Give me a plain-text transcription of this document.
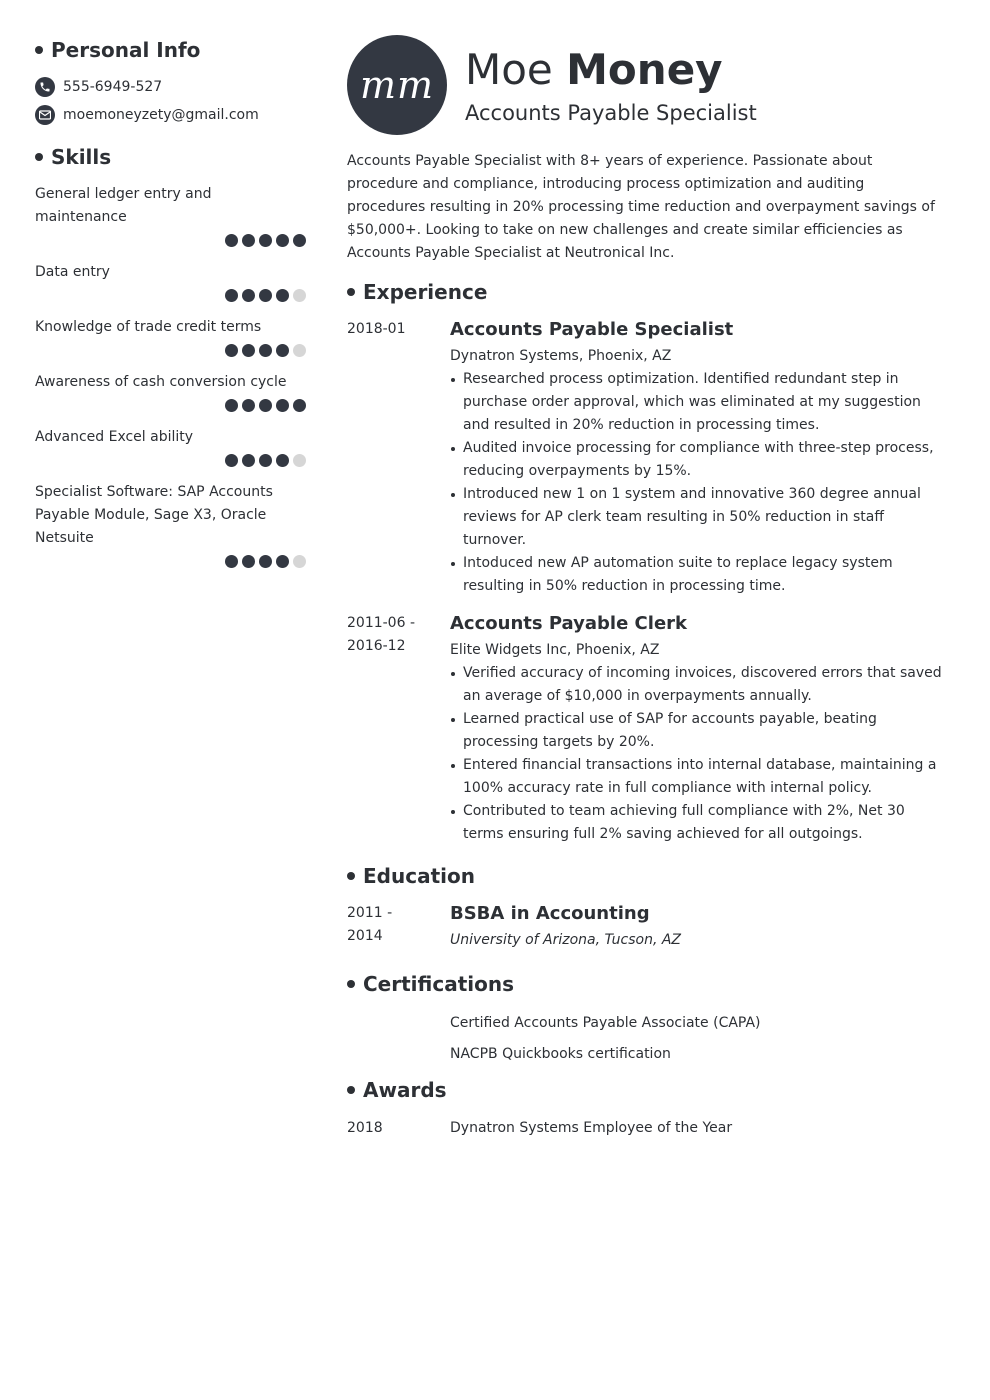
Personal Info
555-6949-527
moemoneyzety@gmail.com
Skills
General ledger entry and maintenance
Data entry
Knowledge of trade credit terms
Awareness of cash conversion cycle
Advanced Excel ability
Specialist Software: SAP Accounts Payable Module, Sage X3, Oracle Netsuite
mm Moe Money
Accounts Payable Specialist
Accounts Payable Specialist with 8+ years of experience. Passionate about procedure and compliance, introducing process optimization and auditing procedures resulting in 20% processing time reduction and overpayment savings of $50,000+. Looking to take on new challenges and create similar efficiencies as Accounts Payable Specialist at Neutronical Inc.
Experience
2018-01	Accounts Payable Specialist
Dynatron Systems, Phoenix, AZ
Researched process optimization. Identified redundant step in purchase order approval, which was eliminated at my suggestion and resulted in 20% reduction in processing times.
Audited invoice processing for compliance with three-step process, reducing overpayments by 15%.
Introduced new 1 on 1 system and innovative 360 degree annual reviews for AP clerk team resulting in 50% reduction in staff turnover.
Intoduced new AP automation suite to replace legacy system resulting in 50% reduction in processing time.
2011-06 - 2016-12
Accounts Payable Clerk
Elite Widgets Inc, Phoenix, AZ
Verified accuracy of incoming invoices, discovered errors that saved an average of $10,000 in overpayments annually.
Learned practical use of SAP for accounts payable, beating processing targets by 20%.
Entered financial transactions into internal database, maintaining a 100% accuracy rate in full compliance with internal policy.
Contributed to team achieving full compliance with 2%, Net 30 terms ensuring full 2% saving achieved for all outgoings.
Education
2011 - 2014
BSBA in Accounting
University of Arizona, Tucson, AZ
Certifications
Certified Accounts Payable Associate (CAPA)
NACPB Quickbooks certification
Awards
2018	Dynatron Systems Employee of the Year
